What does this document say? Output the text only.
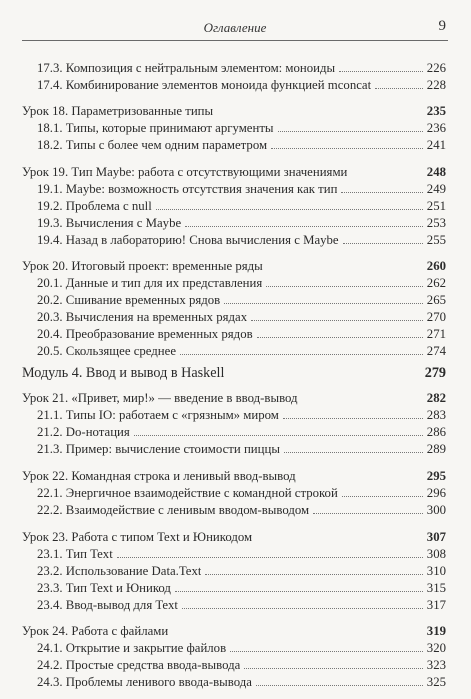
Оглавление	9
17.3. Композиция с нейтральным элементом: моноиды	226
17.4. Комбинирование элементов моноида функцией mconcat	228
Урок 18. Параметризованные типы	235
18.1. Типы, которые принимают аргументы	236
18.2. Типы с более чем одним параметром	241
Урок 19. Тип Maybe: работа с отсутствующими значениями	248
19.1. Maybe: возможность отсутствия значения как тип	249
19.2. Проблема с null	251
19.3. Вычисления с Maybe	253
19.4. Назад в лабораторию! Снова вычисления с Maybe	255
Урок 20. Итоговый проект: временные ряды	260
20.1. Данные и тип для их представления	262
20.2. Сшивание временных рядов	265
20.3. Вычисления на временных рядах	270
20.4. Преобразование временных рядов	271
20.5. Скользящее среднее	274
Модуль 4. Ввод и вывод в Haskell	279
Урок 21. «Привет, мир!» — введение в ввод-вывод	282
21.1. Типы IO: работаем с «грязным» миром	283
21.2. Do-нотация	286
21.3. Пример: вычисление стоимости пиццы	289
Урок 22. Командная строка и ленивый ввод-вывод	295
22.1. Энергичное взаимодействие с командной строкой	296
22.2. Взаимодействие с ленивым вводом-выводом	300
Урок 23. Работа с типом Text и Юникодом	307
23.1. Тип Text	308
23.2. Использование Data.Text	310
23.3. Тип Text и Юникод	315
23.4. Ввод-вывод для Text	317
Урок 24. Работа с файлами	319
24.1. Открытие и закрытие файлов	320
24.2. Простые средства ввода-вывода	323
24.3. Проблемы ленивого ввода-вывода	325
